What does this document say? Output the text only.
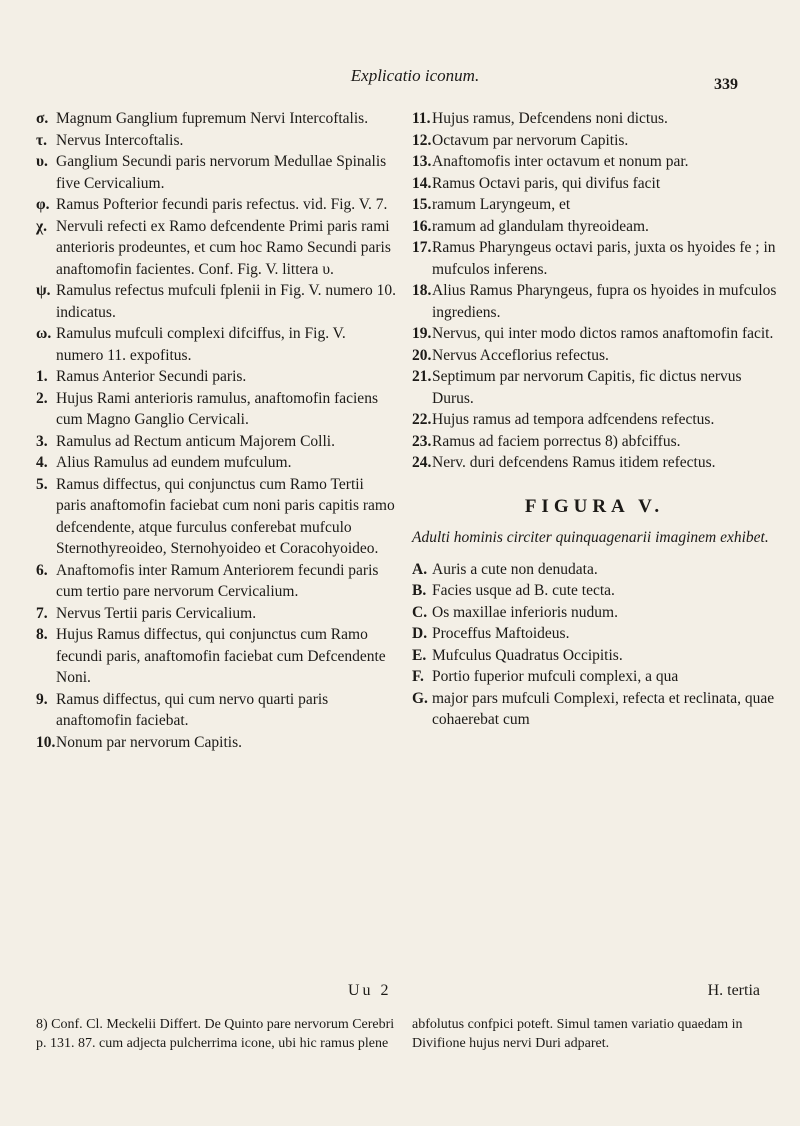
Explicatio iconum.	339

σ. Magnum Ganglium fupremum Nervi Intercoftalis.

τ. Nervus Intercoftalis.

υ. Ganglium Secundi paris nervorum Medullae Spinalis five Cervicalium.

φ. Ramus Pofterior fecundi paris refectus. vid. Fig. V. 7.

χ. Nervuli refecti ex Ramo defcendente Primi paris rami anterioris prodeuntes, et cum hoc Ramo Secundi paris anaftomofin facientes. Conf. Fig. V. littera υ.

ψ. Ramulus refectus mufculi fplenii in Fig. V. numero 10. indicatus.

ω. Ramulus mufculi complexi difciffus, in Fig. V. numero 11. expofitus.

1. Ramus Anterior Secundi paris.

2. Hujus Rami anterioris ramulus, anaftomofin faciens cum Magno Ganglio Cervicali.

3. Ramulus ad Rectum anticum Majorem Colli.

4. Alius Ramulus ad eundem mufculum.

5. Ramus diffectus, qui conjunctus cum Ramo Tertii paris anaftomofin faciebat cum noni paris capitis ramo defcendente, atque furculus conferebat mufculo Sternothyreoideo, Sternohyoideo et Coracohyoideo.

6. Anaftomofis inter Ramum Anteriorem fecundi paris cum tertio pare nervorum Cervicalium.

7. Nervus Tertii paris Cervicalium.

8. Hujus Ramus diffectus, qui conjunctus cum Ramo fecundi paris, anaftomofin faciebat cum Defcendente Noni.

9. Ramus diffectus, qui cum nervo quarti paris anaftomofin faciebat.

10. Nonum par nervorum Capitis.

11. Hujus ramus, Defcendens noni dictus.

12. Octavum par nervorum Capitis.

13. Anaftomofis inter octavum et nonum par.

14. Ramus Octavi paris, qui divifus facit

15. ramum Laryngeum, et

16. ramum ad glandulam thyreoideam.

17. Ramus Pharyngeus octavi paris, juxta os hyoides fe ; in mufculos inferens.

18. Alius Ramus Pharyngeus, fupra os hyoides in mufculos ingrediens.

19. Nervus, qui inter modo dictos ramos anaftomofin facit.

20. Nervus Acceflorius refectus.

21. Septimum par nervorum Capitis, fic dictus nervus Durus.

22. Hujus ramus ad tempora adfcendens refectus.

23. Ramus ad faciem porrectus 8) abfciffus.

24. Nerv. duri defcendens Ramus itidem refectus.

FIGURA V.
Adulti hominis circiter quinquagenarii imaginem exhibet.

A. Auris a cute non denudata.

B. Facies usque ad B. cute tecta.

C. Os maxillae inferioris nudum.

D. Proceffus Maftoideus.

E. Mufculus Quadratus Occipitis.

F. Portio fuperior mufculi complexi, a qua

G. major pars mufculi Complexi, refecta et reclinata, quae cohaerebat cum

Uu 2	H. tertia
8) Conf. Cl. Meckelii Differt. De Quinto pare nervorum Cerebri p. 131. 87. cum adjecta pulcherrima icone, ubi hic ramus plene
abfolutus confpici poteft. Simul tamen variatio quaedam in Divifione hujus nervi Duri adparet.
